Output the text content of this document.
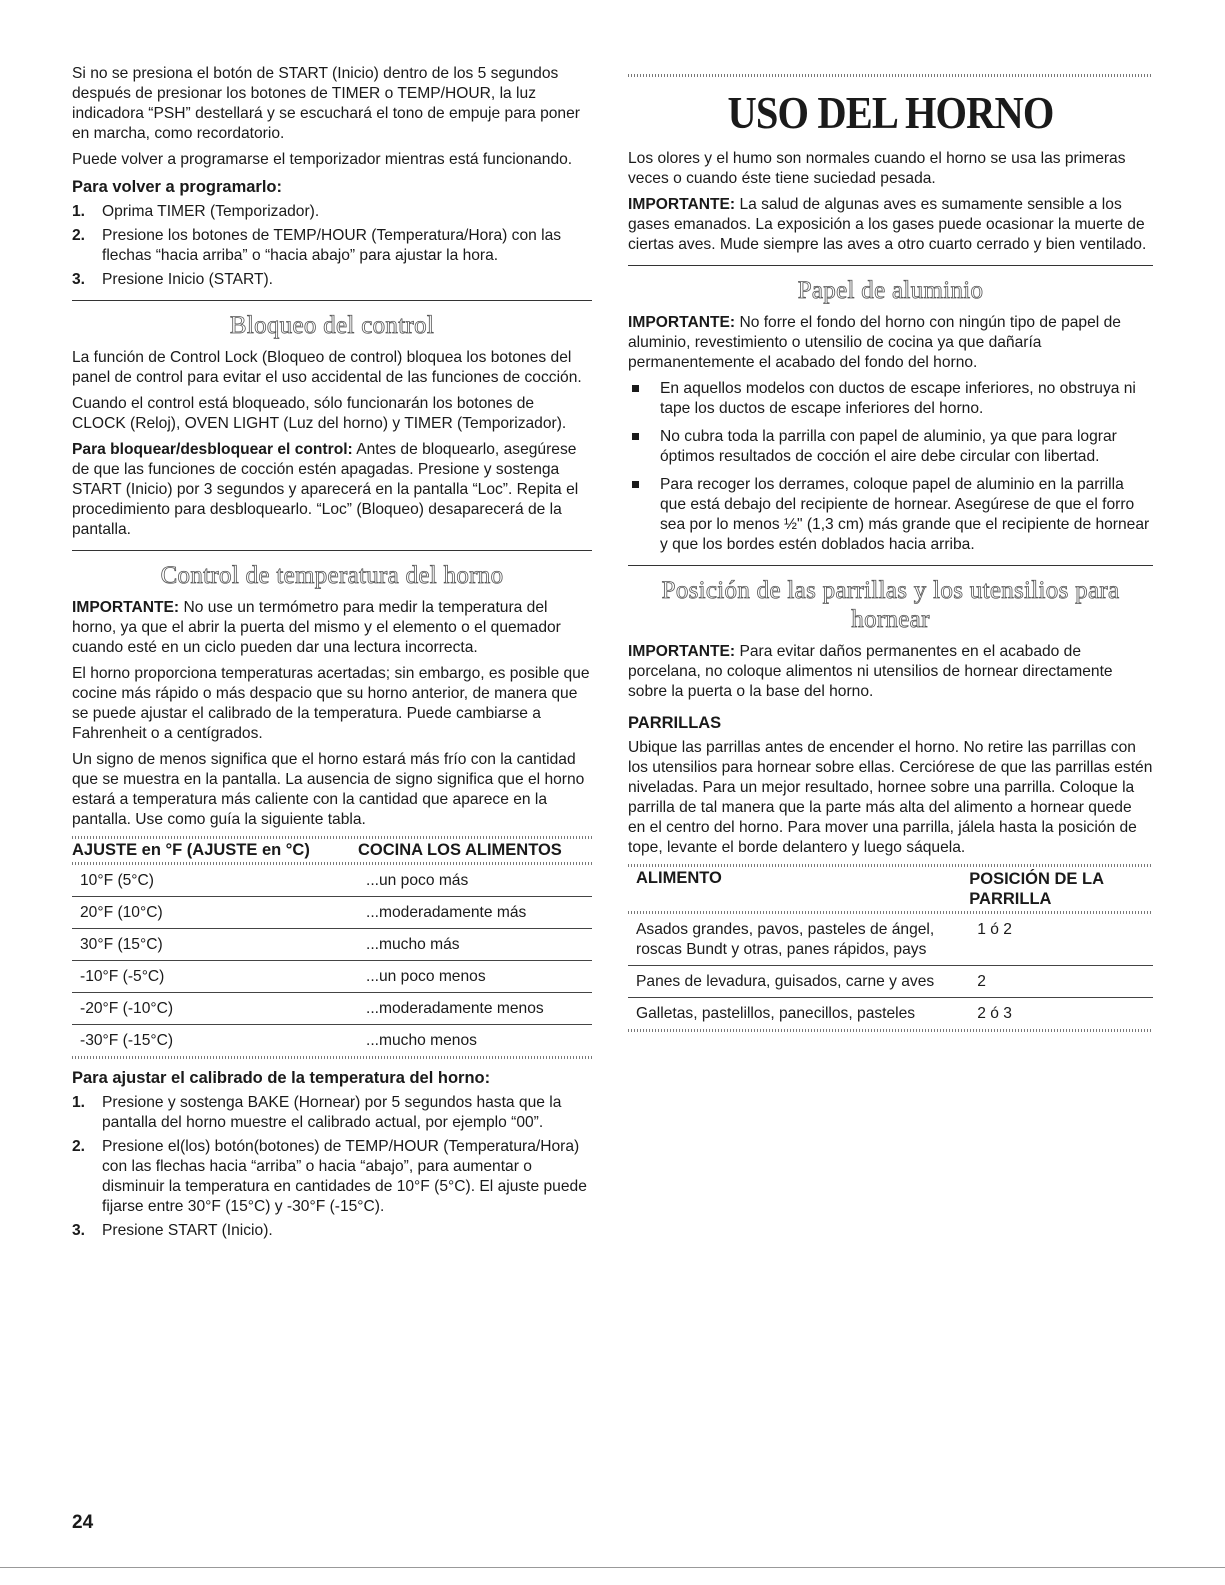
Si no se presiona el botón de START (Inicio) dentro de los 5 segundos después de presionar los botones de TIMER o TEMP/HOUR, la luz indicadora “PSH” destellará y se escuchará el tono de empuje para poner en marcha, como recordatorio.

Puede volver a programarse el temporizador mientras está funcionando.

Para volver a programarlo:
1. Oprima TIMER (Temporizador).
2. Presione los botones de TEMP/HOUR (Temperatura/Hora) con las flechas “hacia arriba” o “hacia abajo” para ajustar la hora.
3. Presione Inicio (START).
Bloqueo del control

La función de Control Lock (Bloqueo de control) bloquea los botones del panel de control para evitar el uso accidental de las funciones de cocción.

Cuando el control está bloqueado, sólo funcionarán los botones de CLOCK (Reloj), OVEN LIGHT (Luz del horno) y TIMER (Temporizador).

Para bloquear/desbloquear el control: Antes de bloquearlo, asegúrese de que las funciones de cocción estén apagadas. Presione y sostenga START (Inicio) por 3 segundos y aparecerá en la pantalla “Loc”. Repita el procedimiento para desbloquearlo. “Loc” (Bloqueo) desaparecerá de la pantalla.

Control de temperatura del horno

IMPORTANTE: No use un termómetro para medir la temperatura del horno, ya que el abrir la puerta del mismo y el elemento o el quemador cuando esté en un ciclo pueden dar una lectura incorrecta.

El horno proporciona temperaturas acertadas; sin embargo, es posible que cocine más rápido o más despacio que su horno anterior, de manera que se puede ajustar el calibrado de la temperatura. Puede cambiarse a Fahrenheit o a centígrados.

Un signo de menos significa que el horno estará más frío con la cantidad que se muestra en la pantalla. La ausencia de signo significa que el horno estará a temperatura más caliente con la cantidad que aparece en la pantalla. Use como guía la siguiente tabla.

AJUSTE en °F (AJUSTE en °C)	COCINA LOS ALIMENTOS

10°F (5°C)	...un poco más
20°F (10°C)	...moderadamente más
30°F (15°C)	...mucho más
-10°F (-5°C)	...un poco menos
-20°F (-10°C)	...moderadamente menos
-30°F (-15°C)	...mucho menos
Para ajustar el calibrado de la temperatura del horno:
1. Presione y sostenga BAKE (Hornear) por 5 segundos hasta que la pantalla del horno muestre el calibrado actual, por ejemplo “00”.
2. Presione el(los) botón(botones) de TEMP/HOUR (Temperatura/Hora) con las flechas hacia “arriba” o hacia “abajo”, para aumentar o disminuir la temperatura en cantidades de 10°F (5°C). El ajuste puede fijarse entre 30°F (15°C) y -30°F (-15°C).
3. Presione START (Inicio).
USO DEL HORNO

Los olores y el humo son normales cuando el horno se usa las primeras veces o cuando éste tiene suciedad pesada.

IMPORTANTE: La salud de algunas aves es sumamente sensible a los gases emanados. La exposición a los gases puede ocasionar la muerte de ciertas aves. Mude siempre las aves a otro cuarto cerrado y bien ventilado.

Papel de aluminio

IMPORTANTE: No forre el fondo del horno con ningún tipo de papel de aluminio, revestimiento o utensilio de cocina ya que dañaría permanentemente el acabado del fondo del horno.

En aquellos modelos con ductos de escape inferiores, no obstruya ni tape los ductos de escape inferiores del horno.
No cubra toda la parrilla con papel de aluminio, ya que para lograr óptimos resultados de cocción el aire debe circular con libertad.
Para recoger los derrames, coloque papel de aluminio en la parrilla que está debajo del recipiente de hornear. Asegúrese de que el forro sea por lo menos ½" (1,3 cm) más grande que el recipiente de hornear y que los bordes estén doblados hacia arriba.
Posición de las parrillas y los utensilios para hornear

IMPORTANTE: Para evitar daños permanentes en el acabado de porcelana, no coloque alimentos ni utensilios de hornear directamente sobre la puerta o la base del horno.

PARRILLAS

Ubique las parrillas antes de encender el horno. No retire las parrillas con los utensilios para hornear sobre ellas. Cerciórese de que las parrillas estén niveladas. Para un mejor resultado, hornee sobre una parrilla. Coloque la parrilla de tal manera que la parte más alta del alimento a hornear quede en el centro del horno. Para mover una parrilla, jálela hasta la posición de tope, levante el borde delantero y luego sáquela.

ALIMENTO	POSICIÓN DE LA PARRILLA

Asados grandes, pavos, pasteles de ángel, roscas Bundt y otras, panes rápidos, pays	1 ó 2
Panes de levadura, guisados, carne y aves	2
Galletas, pastelillos, panecillos, pasteles	2 ó 3
24
